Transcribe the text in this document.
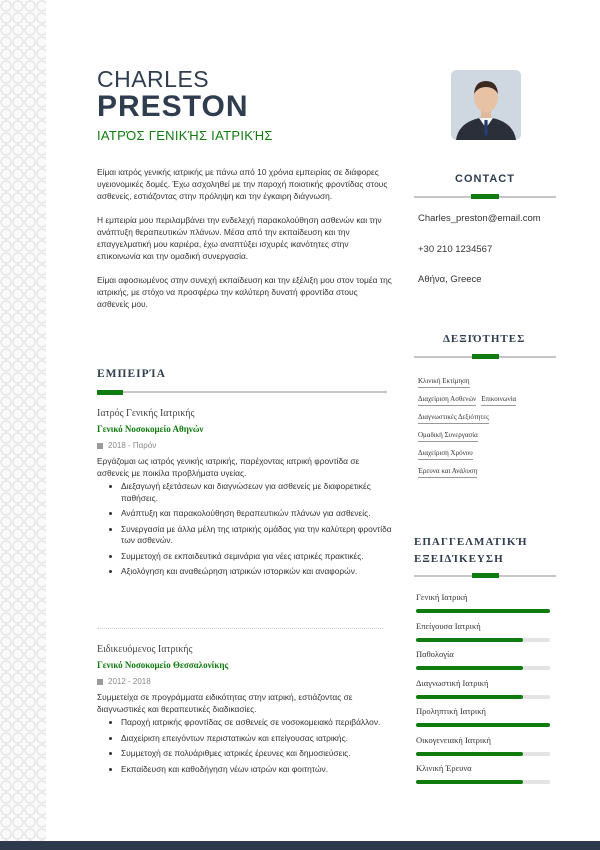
CHARLES
PRESTON
ΙΑΤΡΌΣ ΓΕΝΙΚΉΣ ΙΑΤΡΙΚΉΣ

Είμαι ιατρός γενικής ιατρικής με πάνω από 10 χρόνια εμπειρίας σε διάφορες υγειονομικές δομές. Έχω ασχοληθεί με την παροχή ποιοτικής φροντίδας στους ασθενείς, εστιάζοντας στην πρόληψη και την έγκαιρη διάγνωση.

Η εμπειρία μου περιλαμβάνει την ενδελεχή παρακολούθηση ασθενών και την ανάπτυξη θεραπευτικών πλάνων. Μέσα από την εκπαίδευση και την επαγγελματική μου καριέρα, έχω αναπτύξει ισχυρές ικανότητες στην επικοινωνία και την ομαδική συνεργασία.

Είμαι αφοσιωμένος στην συνεχή εκπαίδευση και την εξέλιξη μου στον τομέα της ιατρικής, με στόχο να προσφέρω την καλύτερη δυνατή φροντίδα στους ασθενείς μου.

ΕΜΠΕΙΡΊΑ
Ιατρός Γενικής Ιατρικής
Γενικό Νοσοκομείο Αθηνών
2018 - Παρόν
Εργάζομαι ως ιατρός γενικής ιατρικής, παρέχοντας ιατρική φροντίδα σε ασθενείς με ποικίλα προβλήματα υγείας.
• Διεξαγωγή εξετάσεων και διαγνώσεων για ασθενείς με διαφορετικές παθήσεις.
• Ανάπτυξη και παρακολούθηση θεραπευτικών πλάνων για ασθενείς.
• Συνεργασία με άλλα μέλη της ιατρικής ομάδας για την καλύτερη φροντίδα των ασθενών.
• Συμμετοχή σε εκπαιδευτικά σεμινάρια για νέες ιατρικές πρακτικές.
• Αξιολόγηση και αναθεώρηση ιατρικών ιστορικών και αναφορών.
Ειδικευόμενος Ιατρικής
Γενικό Νοσοκομείο Θεσσαλονίκης
2012 - 2018
Συμμετείχα σε προγράμματα ειδικότητας στην ιατρική, εστιάζοντας σε διαγνωστικές και θεραπευτικές διαδικασίες.
• Παροχή ιατρικής φροντίδας σε ασθενείς σε νοσοκομειακό περιβάλλον.
• Διαχείριση επειγόντων περιστατικών και επείγουσας ιατρικής.
• Συμμετοχή σε πολυάριθμες ιατρικές έρευνες και δημοσιεύσεις.
• Εκπαίδευση και καθοδήγηση νέων ιατρών και φοιτητών.
CONTACT
Charles_preston@email.com
+30 210 1234567
Αθήνα, Greece
ΔΕΞΙΌΤΗΤΕΣ
Κλινική Εκτίμηση
Διαχείριση Ασθενών Επικοινωνία
Διαγνωστικές Δεξιότητες
Ομαδική Συνεργασία
Διαχείριση Χρόνου
Έρευνα και Ανάλυση
ΕΠΑΓΓΕΛΜΑΤΙΚΉ
ΕΞΕΙΔΊΚΕΥΣΗ
Γενική Ιατρική
Επείγουσα Ιατρική
Παθολογία
Διαγνωστική Ιατρική
Προληπτική Ιατρική
Οικογενειακή Ιατρική
Κλινική Έρευνα
